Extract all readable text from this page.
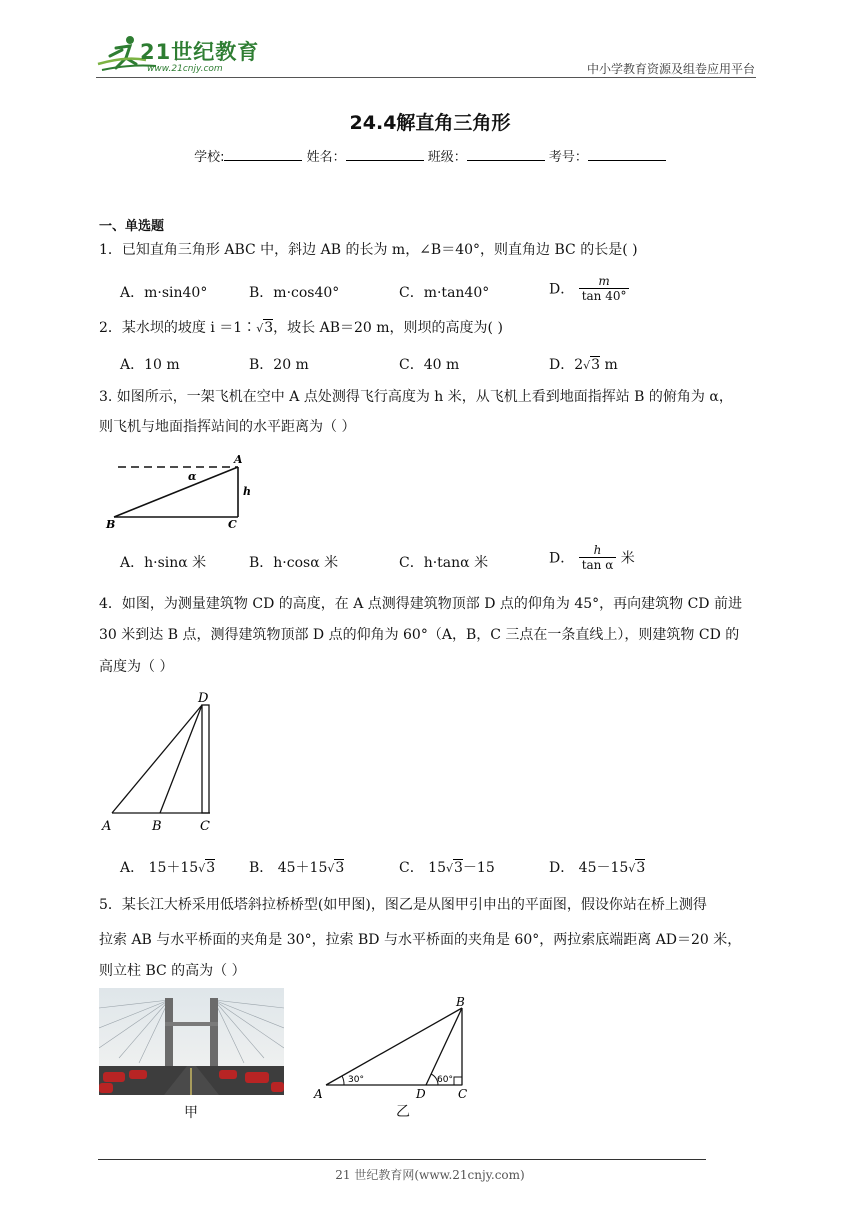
21世纪教育
www.21cnjy.com	中小学教育资源及组卷应用平台
24.4解直角三角形
学校:	姓名：	班级：	考号：
一、单选题
1．已知直角三角形 ABC 中，斜边 AB 的长为 m，∠B＝40°，则直角边 BC 的长是( )
A．m·sin40°	B．m·cos40°	C．m·tan40°	D． $\frac{m}{\tan 40^\circ}$
2．某水坝的坡度 i ＝1∶√3，坡长 AB＝20 m，则坝的高度为( )
A．10 m	B．20 m	C．40 m	D．2√3 m
3. 如图所示，一架飞机在空中 A 点处测得飞行高度为 h 米，从飞机上看到地面指挥站 B 的俯角为 α，
则飞机与地面指挥站间的水平距离为（ ）
A
B	C
h
α
A．h·sinα 米	B．h·cosα 米	C．h·tanα 米	D． $\frac{h}{\text{tan α}}$ 米
4．如图，为测量建筑物 CD 的高度，在 A 点测得建筑物顶部 D 点的仰角为 45°，再向建筑物 CD 前进
30 米到达 B 点，测得建筑物顶部 D 点的仰角为 60°（A，B，C 三点在一条直线上），则建筑物 CD 的
高度为（ ）
D
A	B	C
A． 15＋15√3 B． 45＋15√3	C． 15√3－15	D． 45－15√3
5．某长江大桥采用低塔斜拉桥桥型(如甲图)，图乙是从图甲引申出的平面图，假设你站在桥上测得
拉索 AB 与水平桥面的夹角是 30°，拉索 BD 与水平桥面的夹角是 60°，两拉索底端距离 AD＝20 米，
则立柱 BC 的高为（ ）
甲
B
A	D	C
30°	60°
乙
21 世纪教育网(www.21cnjy.com)
